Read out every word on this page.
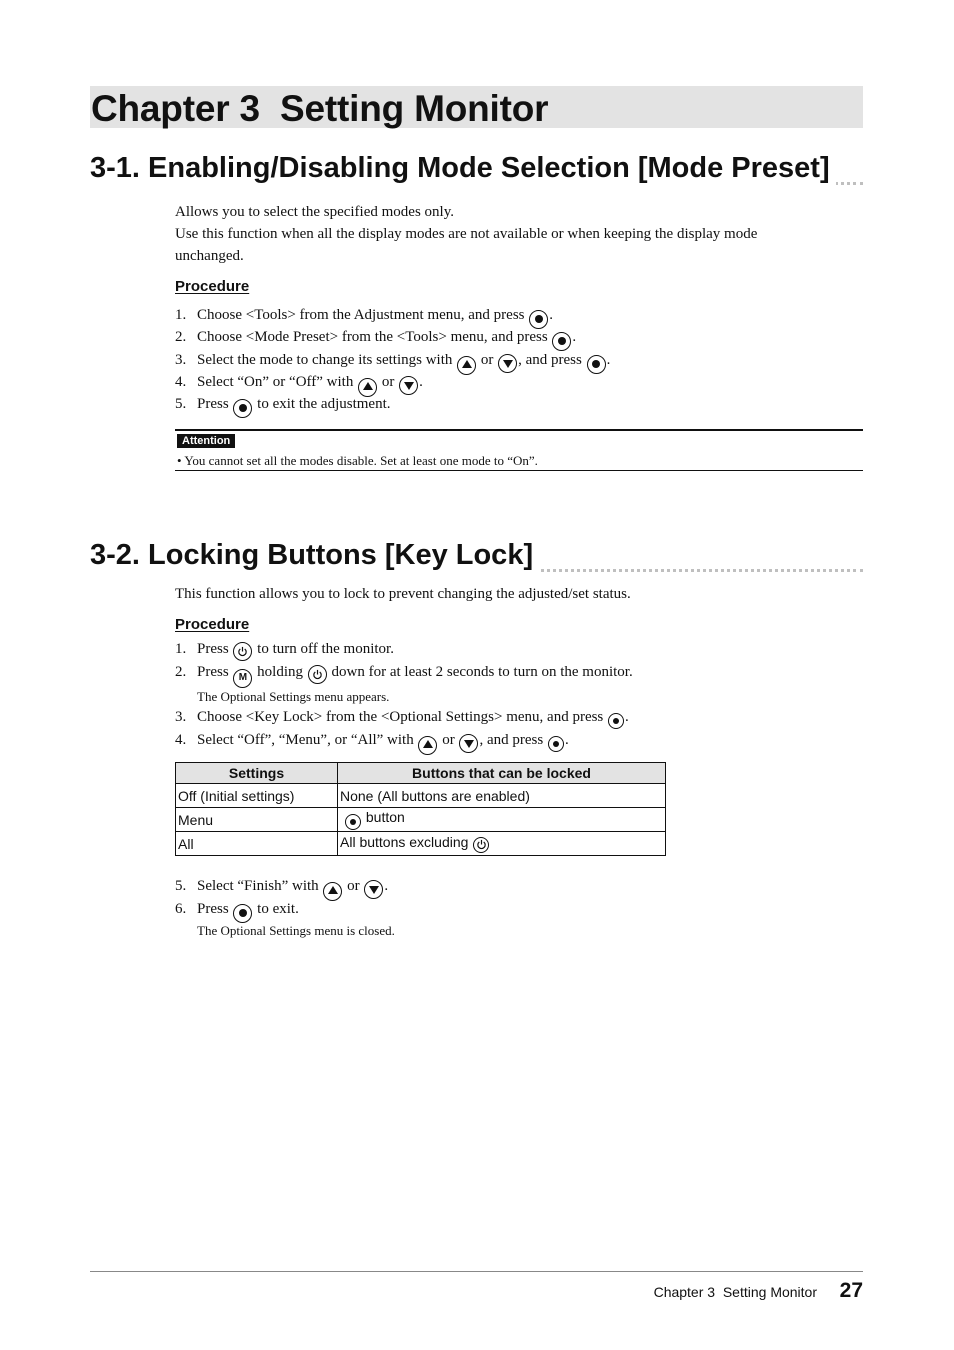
Chapter 3  Setting Monitor
3-1. Enabling/Disabling Mode Selection [Mode Preset]
Allows you to select the specified modes only.
Use this function when all the display modes are not available or when keeping the display mode unchanged.
Procedure
1. Choose <Tools> from the Adjustment menu, and press .
2. Choose <Mode Preset> from the <Tools> menu, and press .
3. Select the mode to change its settings with or , and press .
4. Select “On” or “Off” with or .
5. Press to exit the adjustment.
Attention
• You cannot set all the modes disable. Set at least one mode to “On”.
3-2. Locking Buttons [Key Lock]
This function allows you to lock to prevent changing the adjusted/set status.
Procedure
1. Press to turn off the monitor.
2. Press M holding down for at least 2 seconds to turn on the monitor.
The Optional Settings menu appears.
3. Choose <Key Lock> from the <Optional Settings> menu, and press .
4. Select “Off”, “Menu”, or “All” with or , and press .
Settings	Buttons that can be locked
Off (Initial settings)	None (All buttons are enabled)
Menu	button
All	All buttons excluding
5. Select “Finish” with or .
6. Press to exit.
The Optional Settings menu is closed.
Chapter 3  Setting Monitor 27
